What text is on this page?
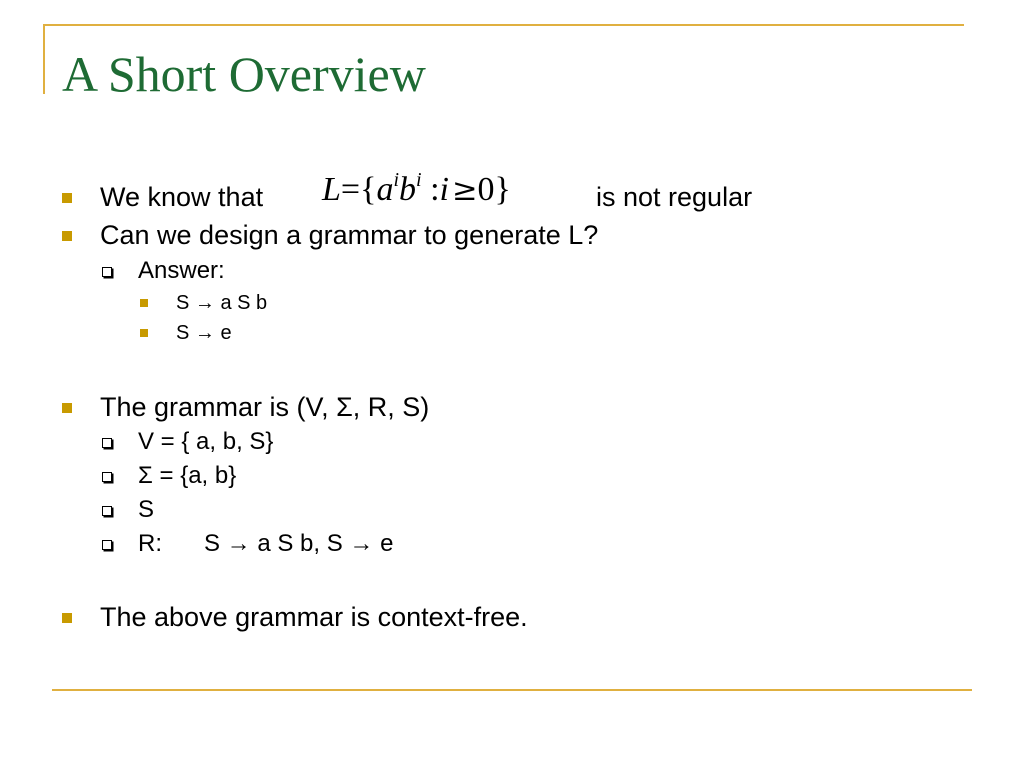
A Short Overview
We know that $L=\{a^ib^i$ :i ≥0}	is not regular
Can we design a grammar to generate L?
Answer:
S → a S b
S → e
The grammar is (V, Σ, R, S)
V = { a, b, S}
Σ = {a, b}
S
R: S → a S b, S → e
The above grammar is context-free.
